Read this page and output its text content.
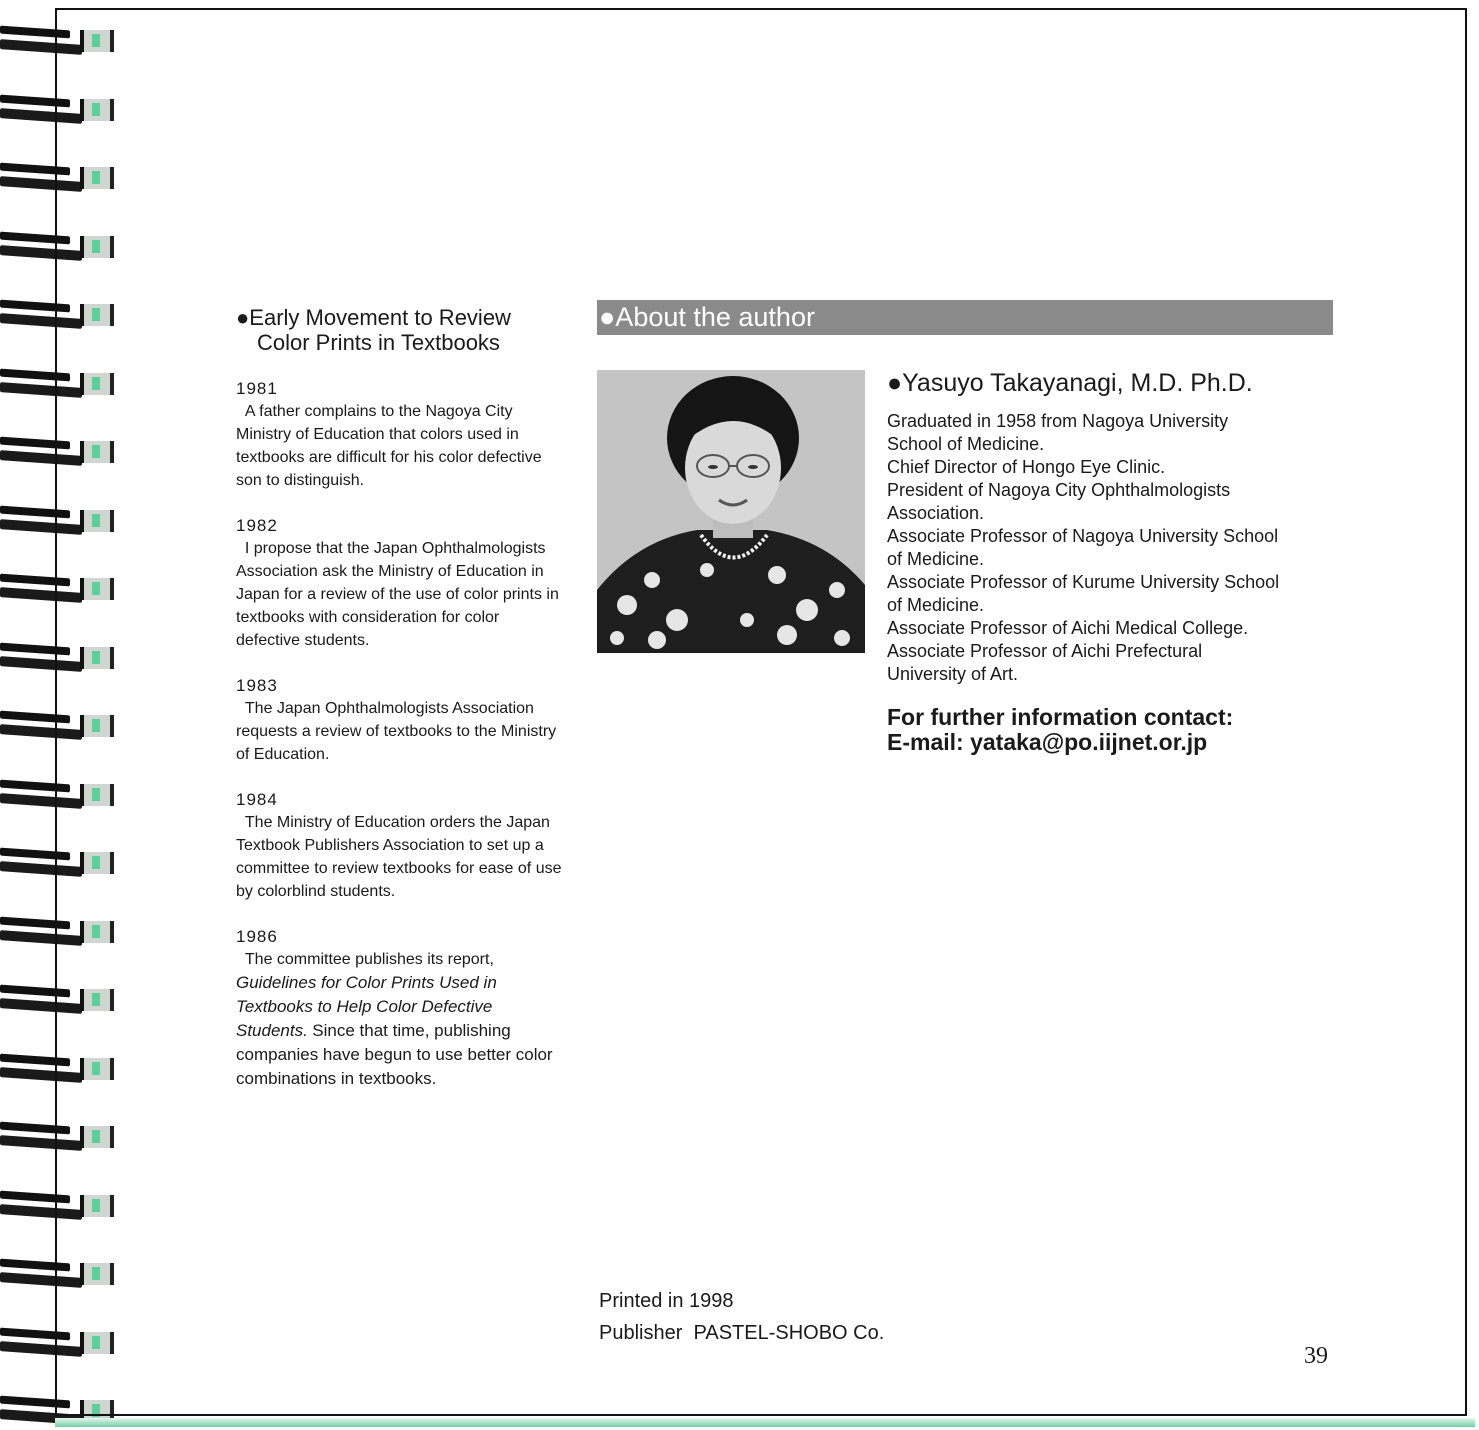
●Early Movement to Review
Color Prints in Textbooks
1981
A father complains to the Nagoya City Ministry of Education that colors used in textbooks are difficult for his color defective son to distinguish.
1982
I propose that the Japan Ophthalmologists Association ask the Ministry of Education in Japan for a review of the use of color prints in textbooks with consideration for color defective students.
1983
The Japan Ophthalmologists Association requests a review of textbooks to the Ministry of Education.
1984
The Ministry of Education orders the Japan Textbook Publishers Association to set up a committee to review textbooks for ease of use by colorblind students.
1986
The committee publishes its report, Guidelines for Color Prints Used in Textbooks to Help Color Defective Students. Since that time, publishing companies have begun to use better color combinations in textbooks.
●About the author
●Yasuyo Takayanagi, M.D. Ph.D.

Graduated in 1958 from Nagoya University

School of Medicine.

Chief Director of Hongo Eye Clinic.

President of Nagoya City Ophthalmologists

Association.

Associate Professor of Nagoya University School

of Medicine.

Associate Professor of Kurume University School

of Medicine.

Associate Professor of Aichi Medical College.

Associate Professor of Aichi Prefectural

University of Art.

For further information contact:
E-mail: yataka@po.iijnet.or.jp
Printed in 1998
Publisher  PASTEL-SHOBO Co.
39
